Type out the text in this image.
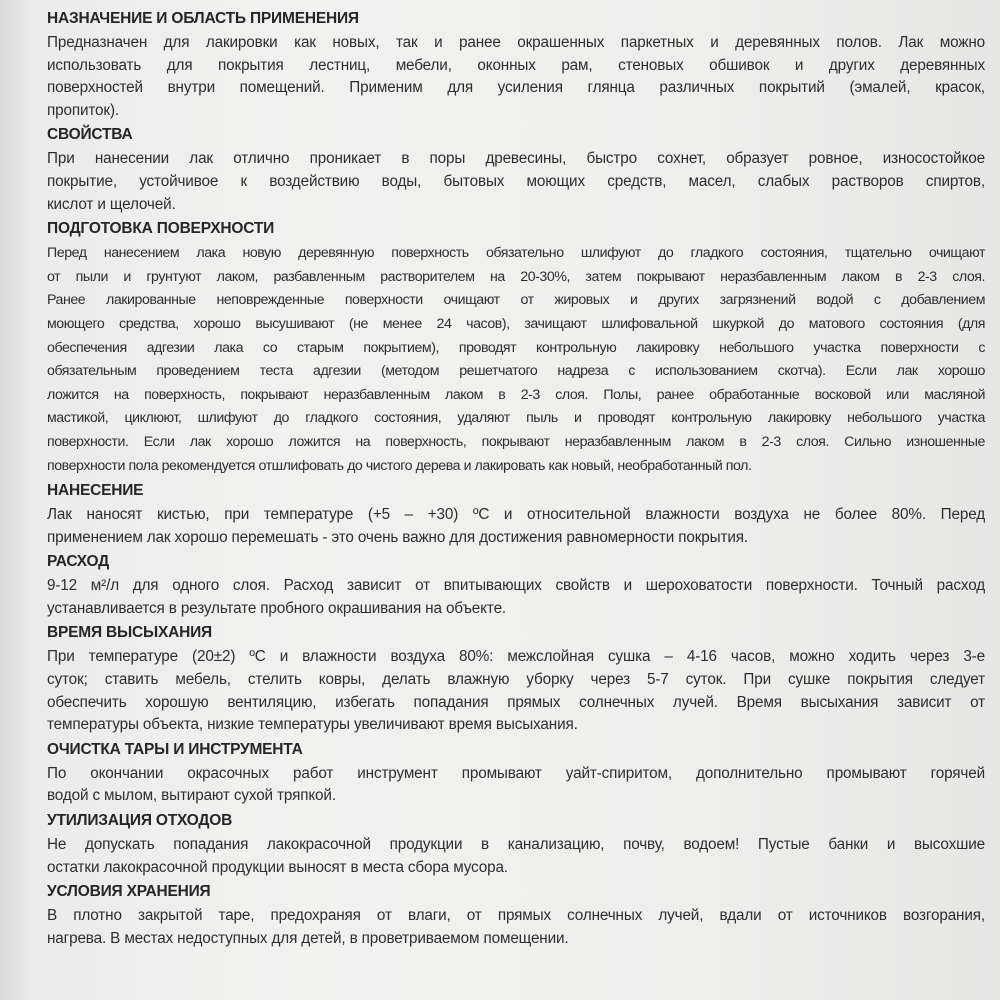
НАЗНАЧЕНИЕ И ОБЛАСТЬ ПРИМЕНЕНИЯ
Предназначен для лакировки как новых, так и ранее окрашенных паркетных и деревянных полов. Лак можно
использовать для покрытия лестниц, мебели, оконных рам, стеновых обшивок и других деревянных
поверхностей внутри помещений. Применим для усиления глянца различных покрытий (эмалей, красок,
пропиток).
СВОЙСТВА
При нанесении лак отлично проникает в поры древесины, быстро сохнет, образует ровное, износостойкое
покрытие, устойчивое к воздействию воды, бытовых моющих средств, масел, слабых растворов спиртов,
кислот и щелочей.
ПОДГОТОВКА ПОВЕРХНОСТИ
Перед нанесением лака новую деревянную поверхность обязательно шлифуют до гладкого состояния, тщательно очищают
от пыли и грунтуют лаком, разбавленным растворителем на 20-30%, затем покрывают неразбавленным лаком в 2-3 слоя.
Ранее лакированные неповрежденные поверхности очищают от жировых и других загрязнений водой с добавлением
моющего средства, хорошо высушивают (не менее 24 часов), зачищают шлифовальной шкуркой до матового состояния (для
обеспечения адгезии лака со старым покрытием), проводят контрольную лакировку небольшого участка поверхности с
обязательным проведением теста адгезии (методом решетчатого надреза с использованием скотча). Если лак хорошо
ложится на поверхность, покрывают неразбавленным лаком в 2-3 слоя. Полы, ранее обработанные восковой или масляной
мастикой, циклюют, шлифуют до гладкого состояния, удаляют пыль и проводят контрольную лакировку небольшого участка
поверхности. Если лак хорошо ложится на поверхность, покрывают неразбавленным лаком в 2-3 слоя. Сильно изношенные
поверхности пола рекомендуется отшлифовать до чистого дерева и лакировать как новый, необработанный пол.
НАНЕСЕНИЕ
Лак наносят кистью, при температуре (+5 – +30) ºС и относительной влажности воздуха не более 80%. Перед
применением лак хорошо перемешать - это очень важно для достижения равномерности покрытия.
РАСХОД
9-12 м²/л для одного слоя. Расход зависит от впитывающих свойств и шероховатости поверхности. Точный расход
устанавливается в результате пробного окрашивания на объекте.
ВРЕМЯ ВЫСЫХАНИЯ
При температуре (20±2) ºС и влажности воздуха 80%: межслойная сушка – 4-16 часов, можно ходить через 3-е
суток; ставить мебель, стелить ковры, делать влажную уборку через 5-7 суток. При сушке покрытия следует
обеспечить хорошую вентиляцию, избегать попадания прямых солнечных лучей. Время высыхания зависит от
температуры объекта, низкие температуры увеличивают время высыхания.
ОЧИСТКА ТАРЫ И ИНСТРУМЕНТА
По окончании окрасочных работ инструмент промывают уайт-спиритом, дополнительно промывают горячей
водой с мылом, вытирают сухой тряпкой.
УТИЛИЗАЦИЯ ОТХОДОВ
Не допускать попадания лакокрасочной продукции в канализацию, почву, водоем! Пустые банки и высохшие
остатки лакокрасочной продукции выносят в места сбора мусора.
УСЛОВИЯ ХРАНЕНИЯ
В плотно закрытой таре, предохраняя от влаги, от прямых солнечных лучей, вдали от источников возгорания,
нагрева. В местах недоступных для детей, в проветриваемом помещении.
